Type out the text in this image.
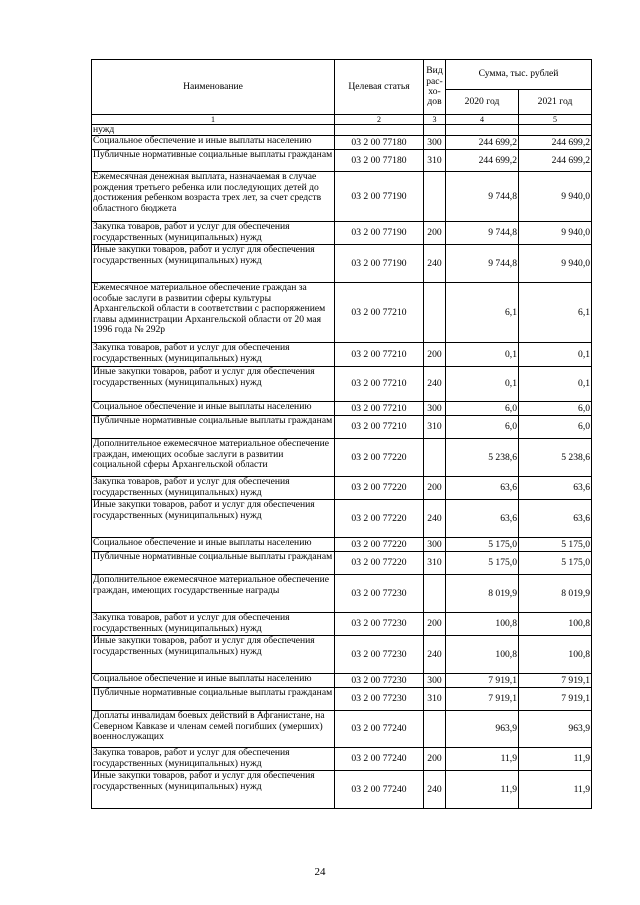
Наименование	Целевая статья	Вид рас-хо-дов	Сумма, тыс. рублей	
			2020 год	2021 год
1	2	3	4	5
нужд				
Социальное обеспечение и иные выплаты населению	03 2 00 77180	300	244 699,2	244 699,2
Публичные нормативные социальные выплаты гражданам	03 2 00 77180	310	244 699,2	244 699,2
Ежемесячная денежная выплата, назначаемая в случае рождения третьего ребенка или последующих детей до достижения ребенком возраста трех лет, за счет средств областного бюджета	03 2 00 77190		9 744,8	9 940,0
Закупка товаров, работ и услуг для обеспечения государственных (муниципальных) нужд	03 2 00 77190	200	9 744,8	9 940,0
Иные закупки товаров, работ и услуг для обеспечения государственных (муниципальных) нужд	03 2 00 77190	240	9 744,8	9 940,0
Ежемесячное материальное обеспечение граждан за особые заслуги в развитии сферы культуры Архангельской области в соответствии с распоряжением главы администрации Архангельской области от 20 мая 1996 года № 292р	03 2 00 77210		6,1	6,1
Закупка товаров, работ и услуг для обеспечения государственных (муниципальных) нужд	03 2 00 77210	200	0,1	0,1
Иные закупки товаров, работ и услуг для обеспечения государственных (муниципальных) нужд	03 2 00 77210	240	0,1	0,1
Социальное обеспечение и иные выплаты населению	03 2 00 77210	300	6,0	6,0
Публичные нормативные социальные выплаты гражданам	03 2 00 77210	310	6,0	6,0
Дополнительное ежемесячное материальное обеспечение граждан, имеющих особые заслуги в развитии социальной сферы Архангельской области	03 2 00 77220		5 238,6	5 238,6
Закупка товаров, работ и услуг для обеспечения государственных (муниципальных) нужд	03 2 00 77220	200	63,6	63,6
Иные закупки товаров, работ и услуг для обеспечения государственных (муниципальных) нужд	03 2 00 77220	240	63,6	63,6
Социальное обеспечение и иные выплаты населению	03 2 00 77220	300	5 175,0	5 175,0
Публичные нормативные социальные выплаты гражданам	03 2 00 77220	310	5 175,0	5 175,0
Дополнительное ежемесячное материальное обеспечение граждан, имеющих государственные награды	03 2 00 77230		8 019,9	8 019,9
Закупка товаров, работ и услуг для обеспечения государственных (муниципальных) нужд	03 2 00 77230	200	100,8	100,8
Иные закупки товаров, работ и услуг для обеспечения государственных (муниципальных) нужд	03 2 00 77230	240	100,8	100,8
Социальное обеспечение и иные выплаты населению	03 2 00 77230	300	7 919,1	7 919,1
Публичные нормативные социальные выплаты гражданам	03 2 00 77230	310	7 919,1	7 919,1
Доплаты инвалидам боевых действий в Афганистане, на Северном Кавказе и членам семей погибших (умерших) военнослужащих	03 2 00 77240		963,9	963,9
Закупка товаров, работ и услуг для обеспечения государственных (муниципальных) нужд	03 2 00 77240	200	11,9	11,9
Иные закупки товаров, работ и услуг для обеспечения государственных (муниципальных) нужд	03 2 00 77240	240	11,9	11,9
24
